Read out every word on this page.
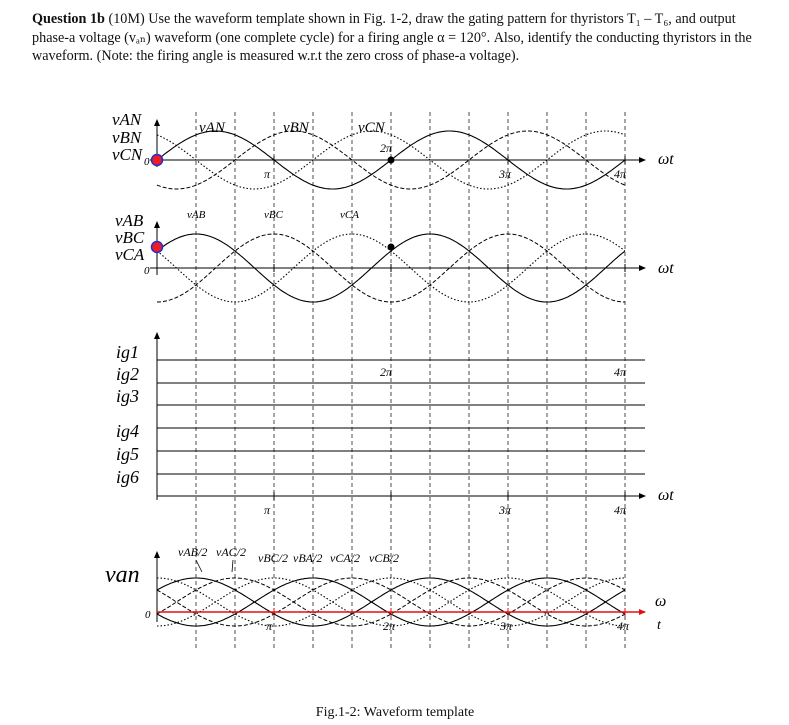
Question 1b (10M) Use the waveform template shown in Fig. 1-2, draw the gating pattern for thyristors T₁ – T₆, and output phase-a voltage (vₐₙ) waveform (one complete cycle) for a firing angle α = 120°. Also, identify the conducting thyristors in the waveform. (Note: the firing angle is measured w.r.t the zero cross of phase-a voltage).
vAN
vBN
vCN 0	ωt
vAN	vBN	vCN
π
2π
3π	4π
vAB
vBC
vCA
0	ωt
vAB	vBC	vCA
ig1
ig2
ig3
ig4
ig5
ig6
ωt
2π	4π
π	3π	4π
van
0
ω
t
vAB/2 vAC/2 vBC/2 vBA/2 vCA/2 vCB/2
π	2π	3π	4π
Fig.1-2: Waveform template
